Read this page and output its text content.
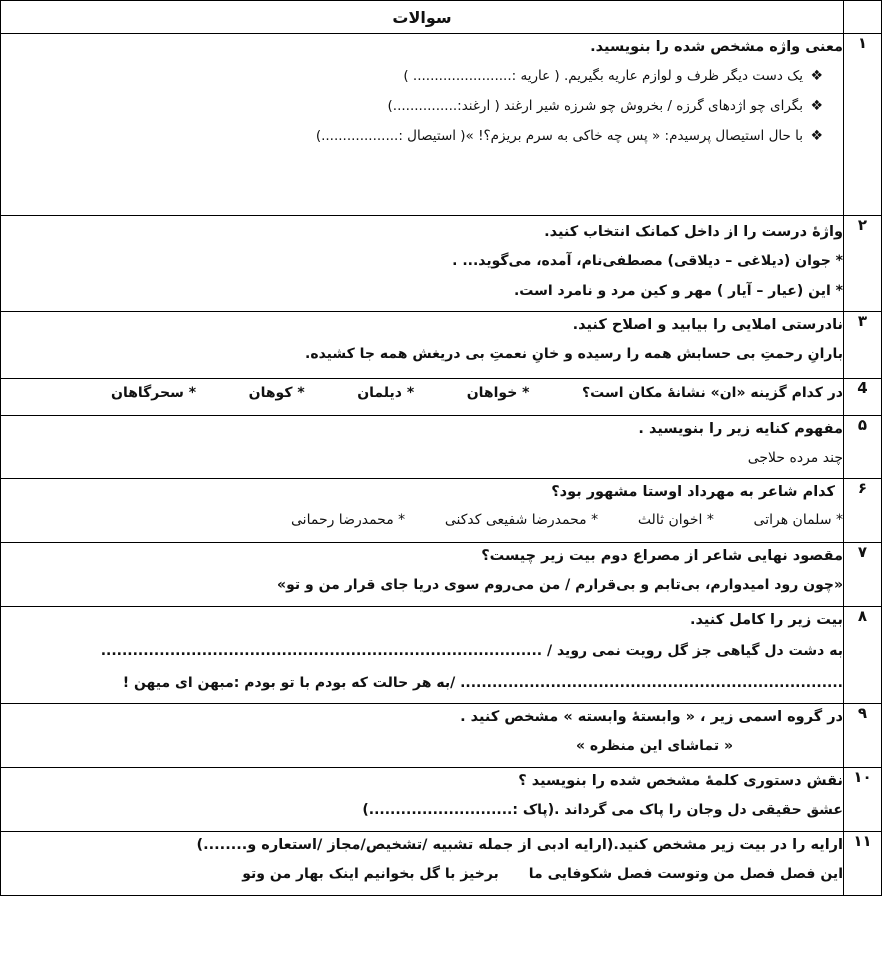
	سوالات
۱	معنی واژه مشخص شده را بنویسید.
❖یک دست دیگر ظرف و لوازم عاریه بگیریم. ( عاریه :....................... )
❖بگرای چو اژدهای گرزه / بخروش چو شرزه شیر ارغند ( ارغند:...............)
❖با حال استیصال پرسیدم: « پس چه خاکی به سرم بریزم؟! »( استیصال :..................)

۲	واژۀ درست را از داخل کمانک انتخاب کنید.
* جوان (دیلاغی – دیلاقی) مصطفی‌نام، آمده، می‌گوید... .
* این (عیار – آیار ) مهر و کین مرد و نامرد است.

۳	نادرستی املایی را بیابید و اصلاح کنید.
بارانِ رحمتِ بی حسابش همه را رسیده و خانِ نعمتِ بی دریغش همه جا کشیده.

4	در کدام گزینه «ان» نشانۀ مکان است؟
* خواهان
* دیلمان
* کوهان
* سحرگاهان

۵	مفهوم کنایه زیر را بنویسید .
چند مرده حلاجی

۶	کدام شاعر به مهرداد اوستا مشهور بود؟
* سلمان هراتی
* اخوان ثالث
* محمدرضا شفیعی کدکنی
* محمدرضا رحمانی

۷	مقصود نهایی شاعر از مصراع دوم بیت زیر چیست؟
«چون رود امیدوارم، بی‌تابم و بی‌قرارم / من می‌روم سوی دریا جای قرار من و تو»

۸	بیت زیر را کامل کنید.
به دشت دل گیاهی جز گل رویت نمی روید / ...................................................................................
........................................................................ /به هر حالت که بودم با تو بودم :مبهن ای میهن !

۹	در گروه اسمی زیر ، « وابستۀ وابسته » مشخص کنید .
« تماشای این منظره »

۱۰	نقش دستوری کلمۀ مشخص شده را بنویسید ؟
عشق حقیقی دل وجان را پاک می گرداند .(پاک :...........................)

۱۱	ارایه را در بیت زیر مشخص کنید.(ارایه ادبی از جمله تشبیه /تشخیص/مجاز /استعاره و........)
این فصل فصل من وتوست فصل شکوفایی ما
برخیز با گل بخوانیم اینک بهار من وتو
